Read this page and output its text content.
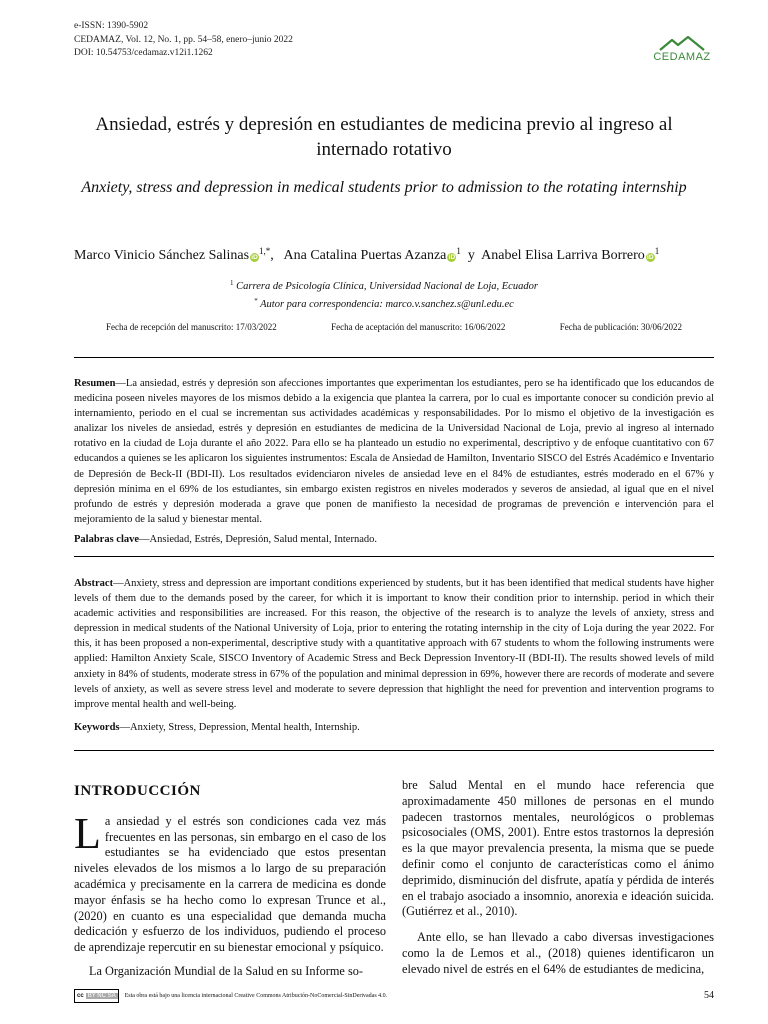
e-ISSN: 1390-5902
CEDAMAZ, Vol. 12, No. 1, pp. 54–58, enero–junio 2022
DOI: 10.54753/cedamaz.v12i1.1262	CEDAMAZ
Ansiedad, estrés y depresión en estudiantes de medicina previo al ingreso al internado rotativo
Anxiety, stress and depression in medical students prior to admission to the rotating internship
Marco Vinicio Sánchez Salinas $iD^{1,*}$, Ana Catalina Puertas Azanza $iD^1$ y Anabel Elisa Larriva Borrero $iD^1$
$^1$ Carrera de Psicología Clínica, Universidad Nacional de Loja, Ecuador
* Autor para correspondencia: marco.v.sanchez.s@unl.edu.ec
Fecha de recepción del manuscrito: 17/03/2022	Fecha de aceptación del manuscrito: 16/06/2022	Fecha de publicación: 30/06/2022
Resumen—La ansiedad, estrés y depresión son afecciones importantes que experimentan los estudiantes, pero se ha identificado que los educandos de medicina poseen niveles mayores de los mismos debido a la exigencia que plantea la carrera, por lo cual es importante conocer su condición previo al internamiento, periodo en el cual se incrementan sus actividades académicas y responsabilidades. Por lo mismo el objetivo de la investigación es analizar los niveles de ansiedad, estrés y depresión en estudiantes de medicina de la Universidad Nacional de Loja, previo al ingreso al internado rotativo en la ciudad de Loja durante el año 2022. Para ello se ha planteado un estudio no experimental, descriptivo y de enfoque cuantitativo con 67 educandos a quienes se les aplicaron los siguientes instrumentos: Escala de Ansiedad de Hamilton, Inventario SISCO del Estrés Académico e Inventario de Depresión de Beck-II (BDI-II). Los resultados evidenciaron niveles de ansiedad leve en el 84% de estudiantes, estrés moderado en el 67% y depresión mínima en el 69% de los estudiantes, sin embargo existen registros en niveles moderados y severos de ansiedad, al igual que en el nivel profundo de estrés y depresión moderada a grave que ponen de manifiesto la necesidad de programas de prevención e intervención para el mejoramiento de la salud y bienestar mental.
Palabras clave—Ansiedad, Estrés, Depresión, Salud mental, Internado.
Abstract—Anxiety, stress and depression are important conditions experienced by students, but it has been identified that medical students have higher levels of them due to the demands posed by the career, for which it is important to know their condition prior to internship. period in which their academic activities and responsibilities are increased. For this reason, the objective of the research is to analyze the levels of anxiety, stress and depression in medical students of the National University of Loja, prior to entering the rotating internship in the city of Loja during the year 2022. For this, it has been proposed a non-experimental, descriptive study with a quantitative approach with 67 students to whom the following instruments were applied: Hamilton Anxiety Scale, SISCO Inventory of Academic Stress and Beck Depression Inventory-II (BDI-II). The results showed levels of mild anxiety in 84% of students, moderate stress in 67% of the population and minimal depression in 69%, however there are records of moderate and severe levels of anxiety, as well as severe stress level and moderate to severe depression that highlight the need for prevention and intervention programs to improve mental health and well-being.
Keywords—Anxiety, Stress, Depression, Mental health, Internship.
INTRODUCCIÓN

La ansiedad y el estrés son condiciones cada vez más frecuentes en las personas, sin embargo en el caso de los estudiantes se ha evidenciado que estos presentan niveles elevados de los mismos a lo largo de su preparación académica y precisamente en la carrera de medicina es donde mayor énfasis se ha hecho como lo expresan Trunce et al., (2020) en cuanto es una especialidad que demanda mucha dedicación y esfuerzo de los individuos, pudiendo el proceso de aprendizaje repercutir en su bienestar emocional y psíquico.

La Organización Mundial de la Salud en su Informe so-

bre Salud Mental en el mundo hace referencia que aproximadamente 450 millones de personas en el mundo padecen trastornos mentales, neurológicos o problemas psicosociales (OMS, 2001). Entre estos trastornos la depresión es la que mayor prevalencia presenta, la misma que se puede definir como el conjunto de características como el ánimo deprimido, disminución del disfrute, apatía y pérdida de interés en el trabajo asociado a insomnio, anorexia e ideación suicida. (Gutiérrez et al., 2010).

Ante ello, se han llevado a cabo diversas investigaciones como la de Lemos et al., (2018) quienes identificaron un elevado nivel de estrés en el 64% de estudiantes de medicina,

cc BY NC SA	Esta obra está bajo una licencia internacional Creative Commons Atribución-NoComercial-SinDerivadas 4.0.	54
